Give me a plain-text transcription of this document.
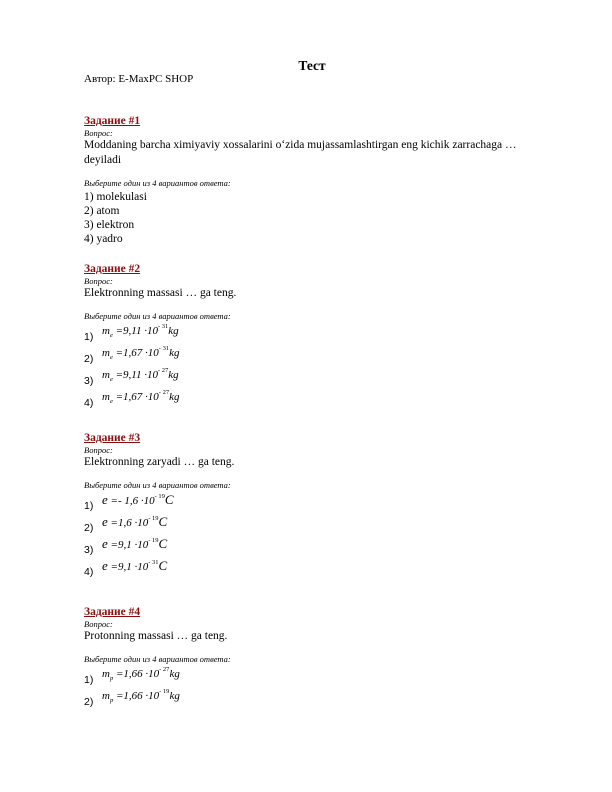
Тест
Автор: E-MaxPC SHOP
Задание #1
Вопрос:
Moddaning barcha ximiyaviy xossalarini o‘zida mujassamlashtirgan eng kichik zarrachaga … deyiladi
Выберите один из 4 вариантов ответа:
1) molekulasi
2) atom
3) elektron
4) yadro
Задание #2
Вопрос:
Elektronning massasi … ga teng.
Выберите один из 4 вариантов ответа:
1) $m_e =9,11 \cdot 10^{- 31}kg$
2) $m_e =1,67 \cdot 10^{- 31}kg$
3) $m_e =9,11 \cdot 10^{- 27}kg$
4) $m_e =1,67 \cdot 10^{- 27}kg$
Задание #3
Вопрос:
Elektronning zaryadi … ga teng.
Выберите один из 4 вариантов ответа:
1) $e =- 1,6 \cdot 10^{- 19}C$
2) $e =1,6 \cdot 10^{- 19}C$
3) $e =9,1 \cdot 10^{- 19}C$
4) $e =9,1 \cdot 10^{- 31}C$
Задание #4
Вопрос:
Protonning massasi … ga teng.
Выберите один из 4 вариантов ответа:
1) $m_p =1,66 \cdot 10^{- 27}kg$
2) $m_p =1,66 \cdot 10^{- 19}kg$
